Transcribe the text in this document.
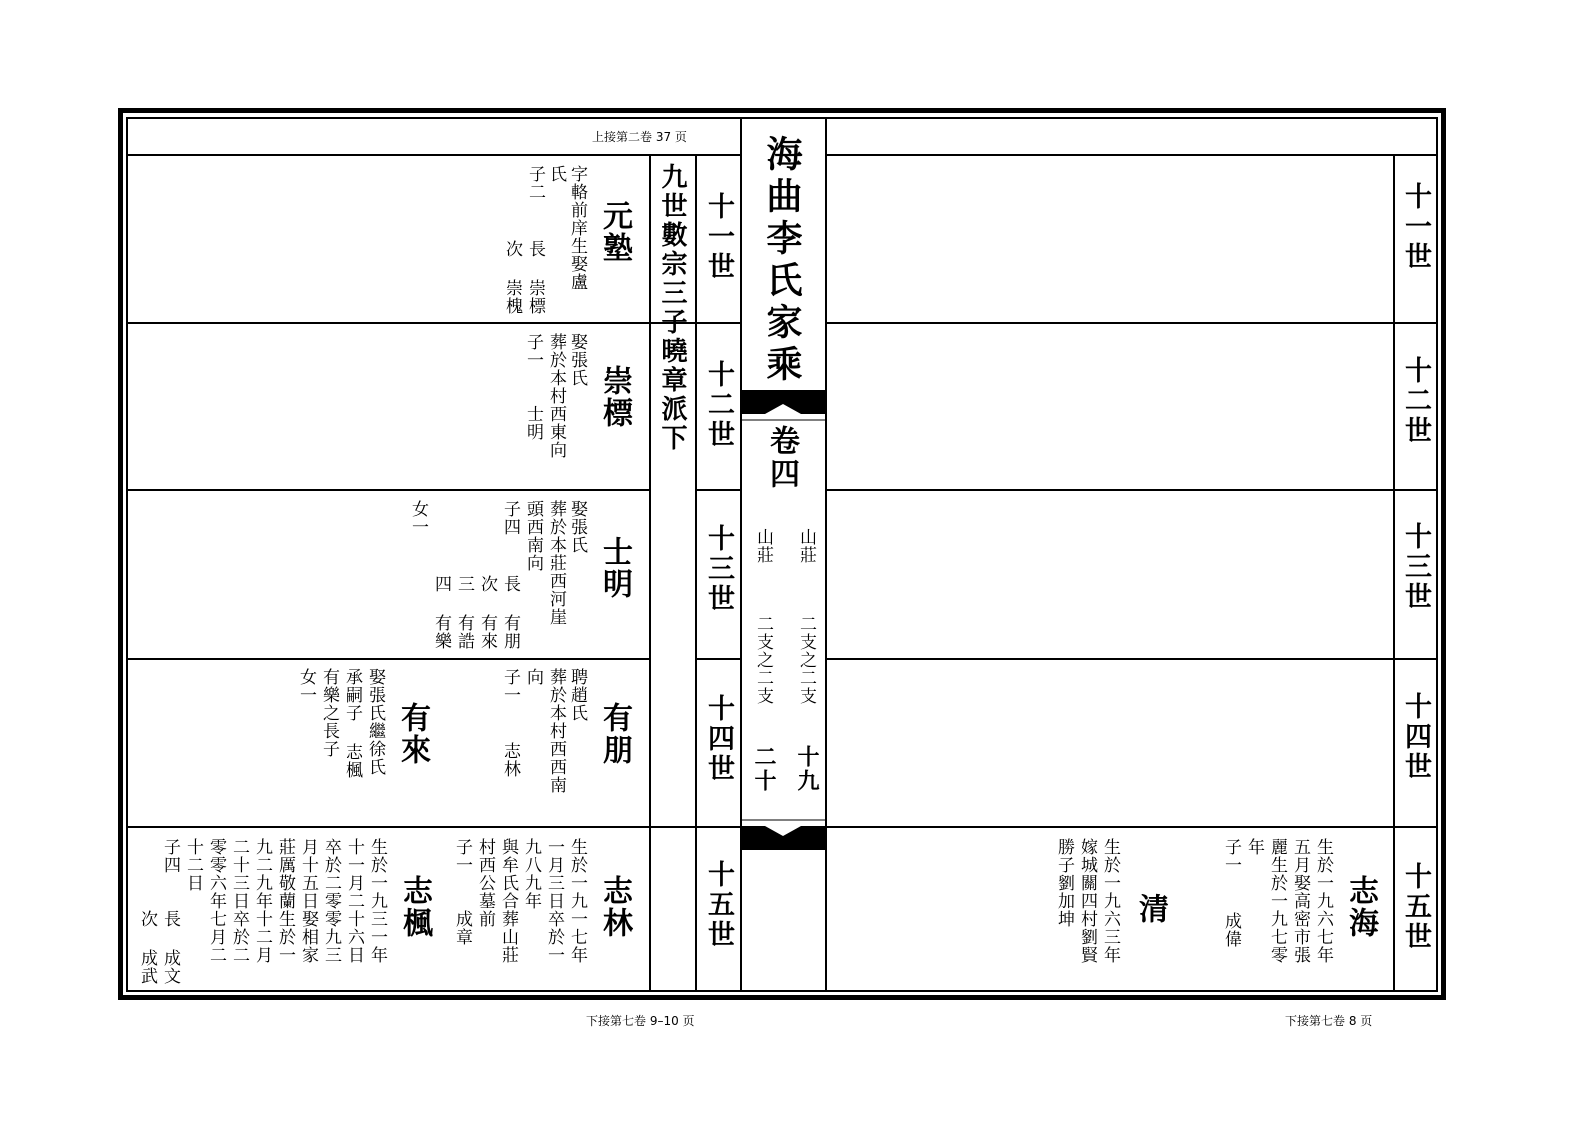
上接第二卷 37 页
下接第七卷 9–10 页	下接第七卷 8 页
海曲李氏家乘
卷四
山莊
二支之二支
十九
山莊
二支之二支
二十
九世數宗三子曉章派下 十一世
十二世
十三世
十四世
十五世
十一世
十二世
十三世
十四世
十五世
元塾
字輅前庠生娶盧
氏
子二
長 崇標
次 崇槐
崇標
娶張氏
葬於本村西東向
子一
士明
士明
娶張氏
葬於本莊西河崖
頭西南向
子四
長 有朋
次 有來
三 有誥
四 有樂
女一
有朋
聘趙氏
葬於本村西西南
向
子一
志林
有來
娶張氏繼徐氏
承嗣子 志楓
有樂之長子
女一
志林
生於一九一七年
一月三日卒於一
九八九年
與牟氏合葬山莊
村西公墓前
子一
成章
志楓
生於一九三一年
十一月二十六日
卒於二零零九三
月十五日娶相家
莊厲敬蘭生於一
九二九年十二月
二十三日卒於二
零零六年七月二
十二日
子四
長 成文
次 成武
志海
生於一九六七年
五月娶高密市張
麗生於一九七零
年
子一
成偉
清
生於一九六三年
嫁城關四村劉賢
勝子劉加坤
